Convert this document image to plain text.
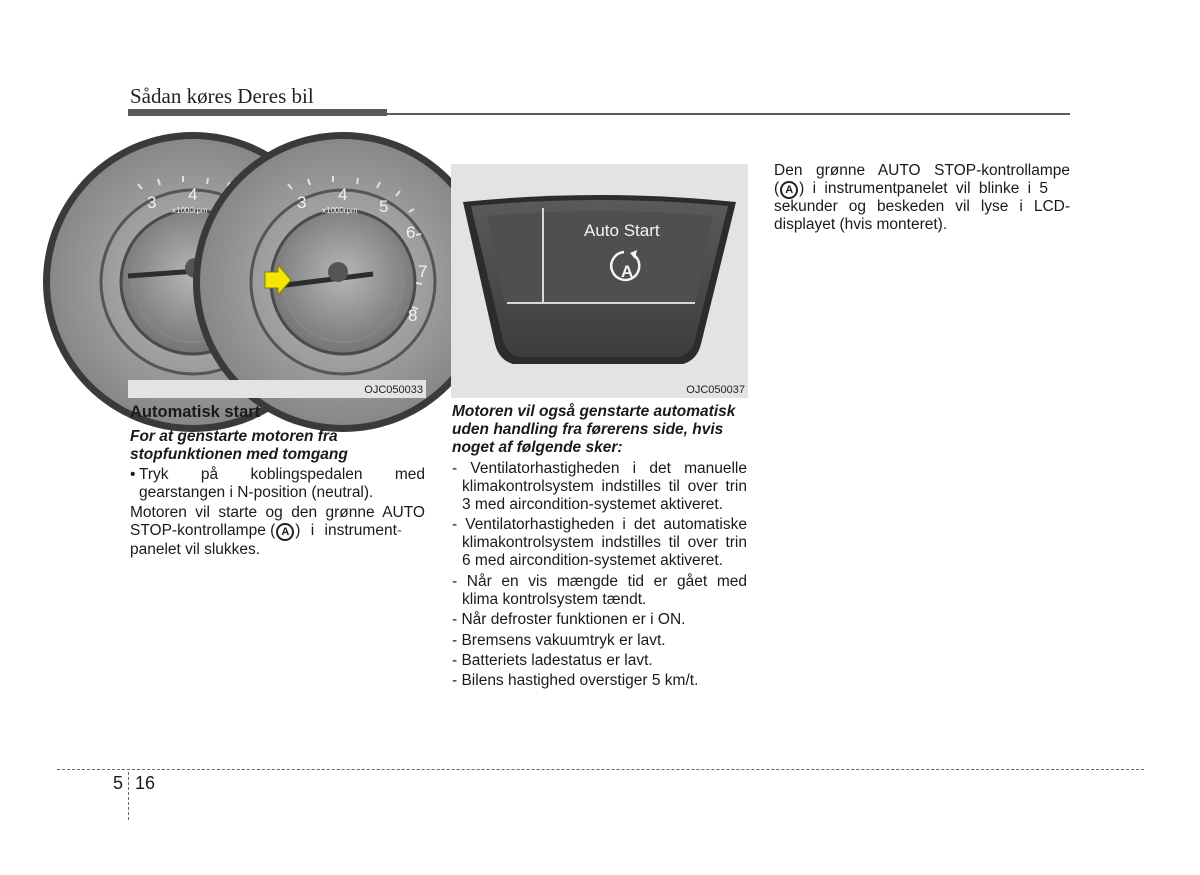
Sådan køres Deres bil
3 4
x1000rpm	3 4
5
6
7
8
x1000rpm
OJC050033
Auto Start
A
OJC050037
Automatisk start
For at genstarte motoren fra
stopfunktionen med tomgang
• Tryk på koblingspedalen med
gearstangen i N-position (neutral).
Motoren vil starte og den grønne AUTO
STOP-kontrollampe ( A ) i instrument-
panelet vil slukkes.
Motoren vil også genstarte automatisk
uden handling fra førerens side, hvis
noget af følgende sker:
- Ventilatorhastigheden i det manuelle
klimakontrolsystem indstilles til over trin
3 med aircondition-systemet aktiveret.
- Ventilatorhastigheden i det automatiske
klimakontrolsystem indstilles til over trin
6 med aircondition-systemet aktiveret.
- Når en vis mængde tid er gået med
klima kontrolsystem tændt.
- Når defroster funktionen er i ON.
- Bremsens vakuumtryk er lavt.
- Batteriets ladestatus er lavt.
- Bilens hastighed overstiger 5 km/t.
Den grønne AUTO STOP-kontrollampe
( A ) i instrumentpanelet vil blinke i 5
sekunder og beskeden vil lyse i LCD-
displayet (hvis monteret).
5 16
